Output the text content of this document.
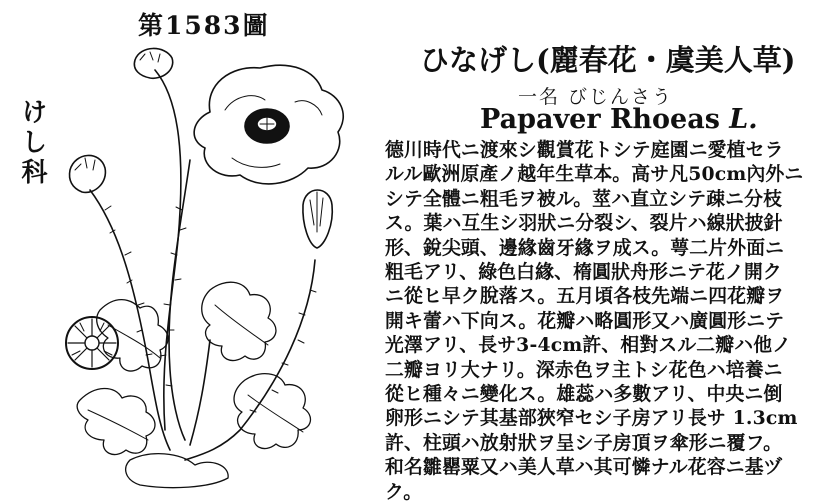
第1583圖
けし科
ひなげし(麗春花・虞美人草)
一名 びじんさう
Papaver Rhoeas L.
德川時代ニ渡來シ觀賞花トシテ庭園ニ愛植セラ
ルル歐洲原產ノ越年生草本。高サ凡50cm內外ニ
シテ全體ニ粗毛ヲ被ル。莖ハ直立シテ疎ニ分枝
ス。葉ハ互生シ羽狀ニ分裂シ、裂片ハ線狀披針
形、銳尖頭、邊緣齒牙緣ヲ成ス。萼二片外面ニ
粗毛アリ、綠色白緣、楕圓狀舟形ニテ花ノ開ク
ニ從ヒ早ク脫落ス。五月頃各枝先端ニ四花瓣ヲ
開キ蕾ハ下向ス。花瓣ハ略圓形又ハ廣圓形ニテ
光澤アリ、長サ3-4cm許、相對スル二瓣ハ他ノ
二瓣ヨリ大ナリ。深赤色ヲ主トシ花色ハ培養ニ
從ヒ種々ニ變化ス。雄蕊ハ多數アリ、中央ニ倒
卵形ニシテ其基部狹窄セシ子房アリ長サ 1.3cm
許、柱頭ハ放射狀ヲ呈シ子房頂ヲ傘形ニ覆フ。
和名雛罌粟又ハ美人草ハ其可憐ナル花容ニ基ヅ
ク。
